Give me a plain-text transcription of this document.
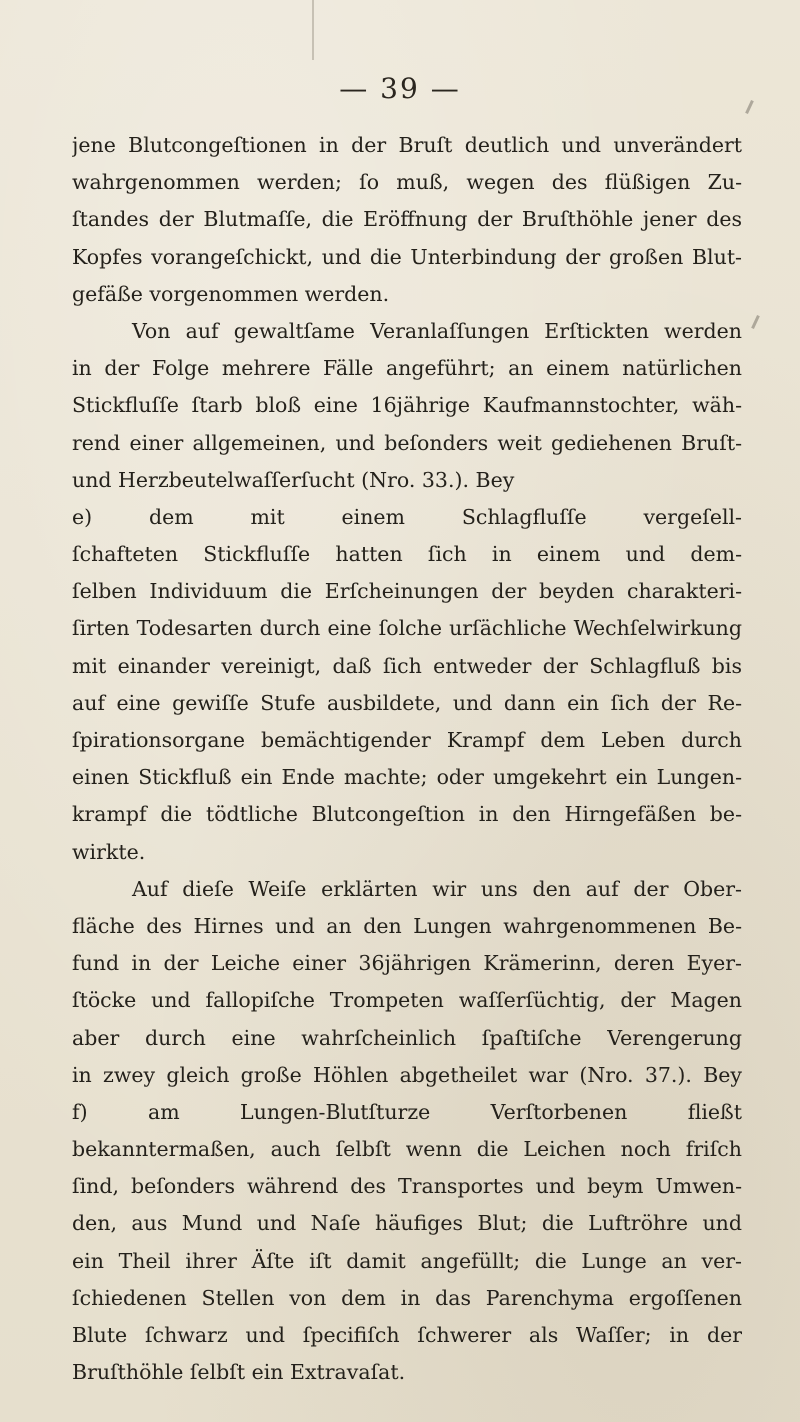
— 39 —
jene Blutcongeſtionen in der Bruſt deutlich und unverändert
wahrgenommen werden; ſo muß, wegen des flüßigen Zu-
ſtandes der Blutmaſſe, die Eröffnung der Bruſthöhle jener des
Kopfes vorangeſchickt, und die Unterbindung der großen Blut-
gefäße vorgenommen werden.
Von auf gewaltſame Veranlaſſungen Erſtickten werden
in der Folge mehrere Fälle angeführt; an einem natürlichen
Stickfluſſe ſtarb bloß eine 16jährige Kaufmannstochter, wäh-
rend einer allgemeinen, und beſonders weit gediehenen Bruſt-
und Herzbeutelwaſſerſucht (Nro. 33.). Bey
e) dem mit einem Schlagfluſſe vergeſell-
ſchafteten Stickfluſſe hatten ſich in einem und dem-
ſelben Individuum die Erſcheinungen der beyden charakteri-
ſirten Todesarten durch eine ſolche urſächliche Wechſelwirkung
mit einander vereinigt, daß ſich entweder der Schlagfluß bis
auf eine gewiſſe Stufe ausbildete, und dann ein ſich der Re-
ſpirationsorgane bemächtigender Krampf dem Leben durch
einen Stickfluß ein Ende machte; oder umgekehrt ein Lungen-
krampf die tödtliche Blutcongeſtion in den Hirngefäßen be-
wirkte.
Auf dieſe Weiſe erklärten wir uns den auf der Ober-
fläche des Hirnes und an den Lungen wahrgenommenen Be-
fund in der Leiche einer 36jährigen Krämerinn, deren Eyer-
ſtöcke und fallopiſche Trompeten waſſerſüchtig, der Magen
aber durch eine wahrſcheinlich ſpaſtiſche Verengerung
in zwey gleich große Höhlen abgetheilet war (Nro. 37.). Bey
f) am Lungen-Blutſturze Verſtorbenen fließt
bekanntermaßen, auch ſelbſt wenn die Leichen noch friſch
ſind, beſonders während des Transportes und beym Umwen-
den, aus Mund und Naſe häufiges Blut; die Luftröhre und
ein Theil ihrer Äſte iſt damit angefüllt; die Lunge an ver-
ſchiedenen Stellen von dem in das Parenchyma ergoſſenen
Blute ſchwarz und ſpecifiſch ſchwerer als Waſſer; in der
Bruſthöhle ſelbſt ein Extravaſat.
